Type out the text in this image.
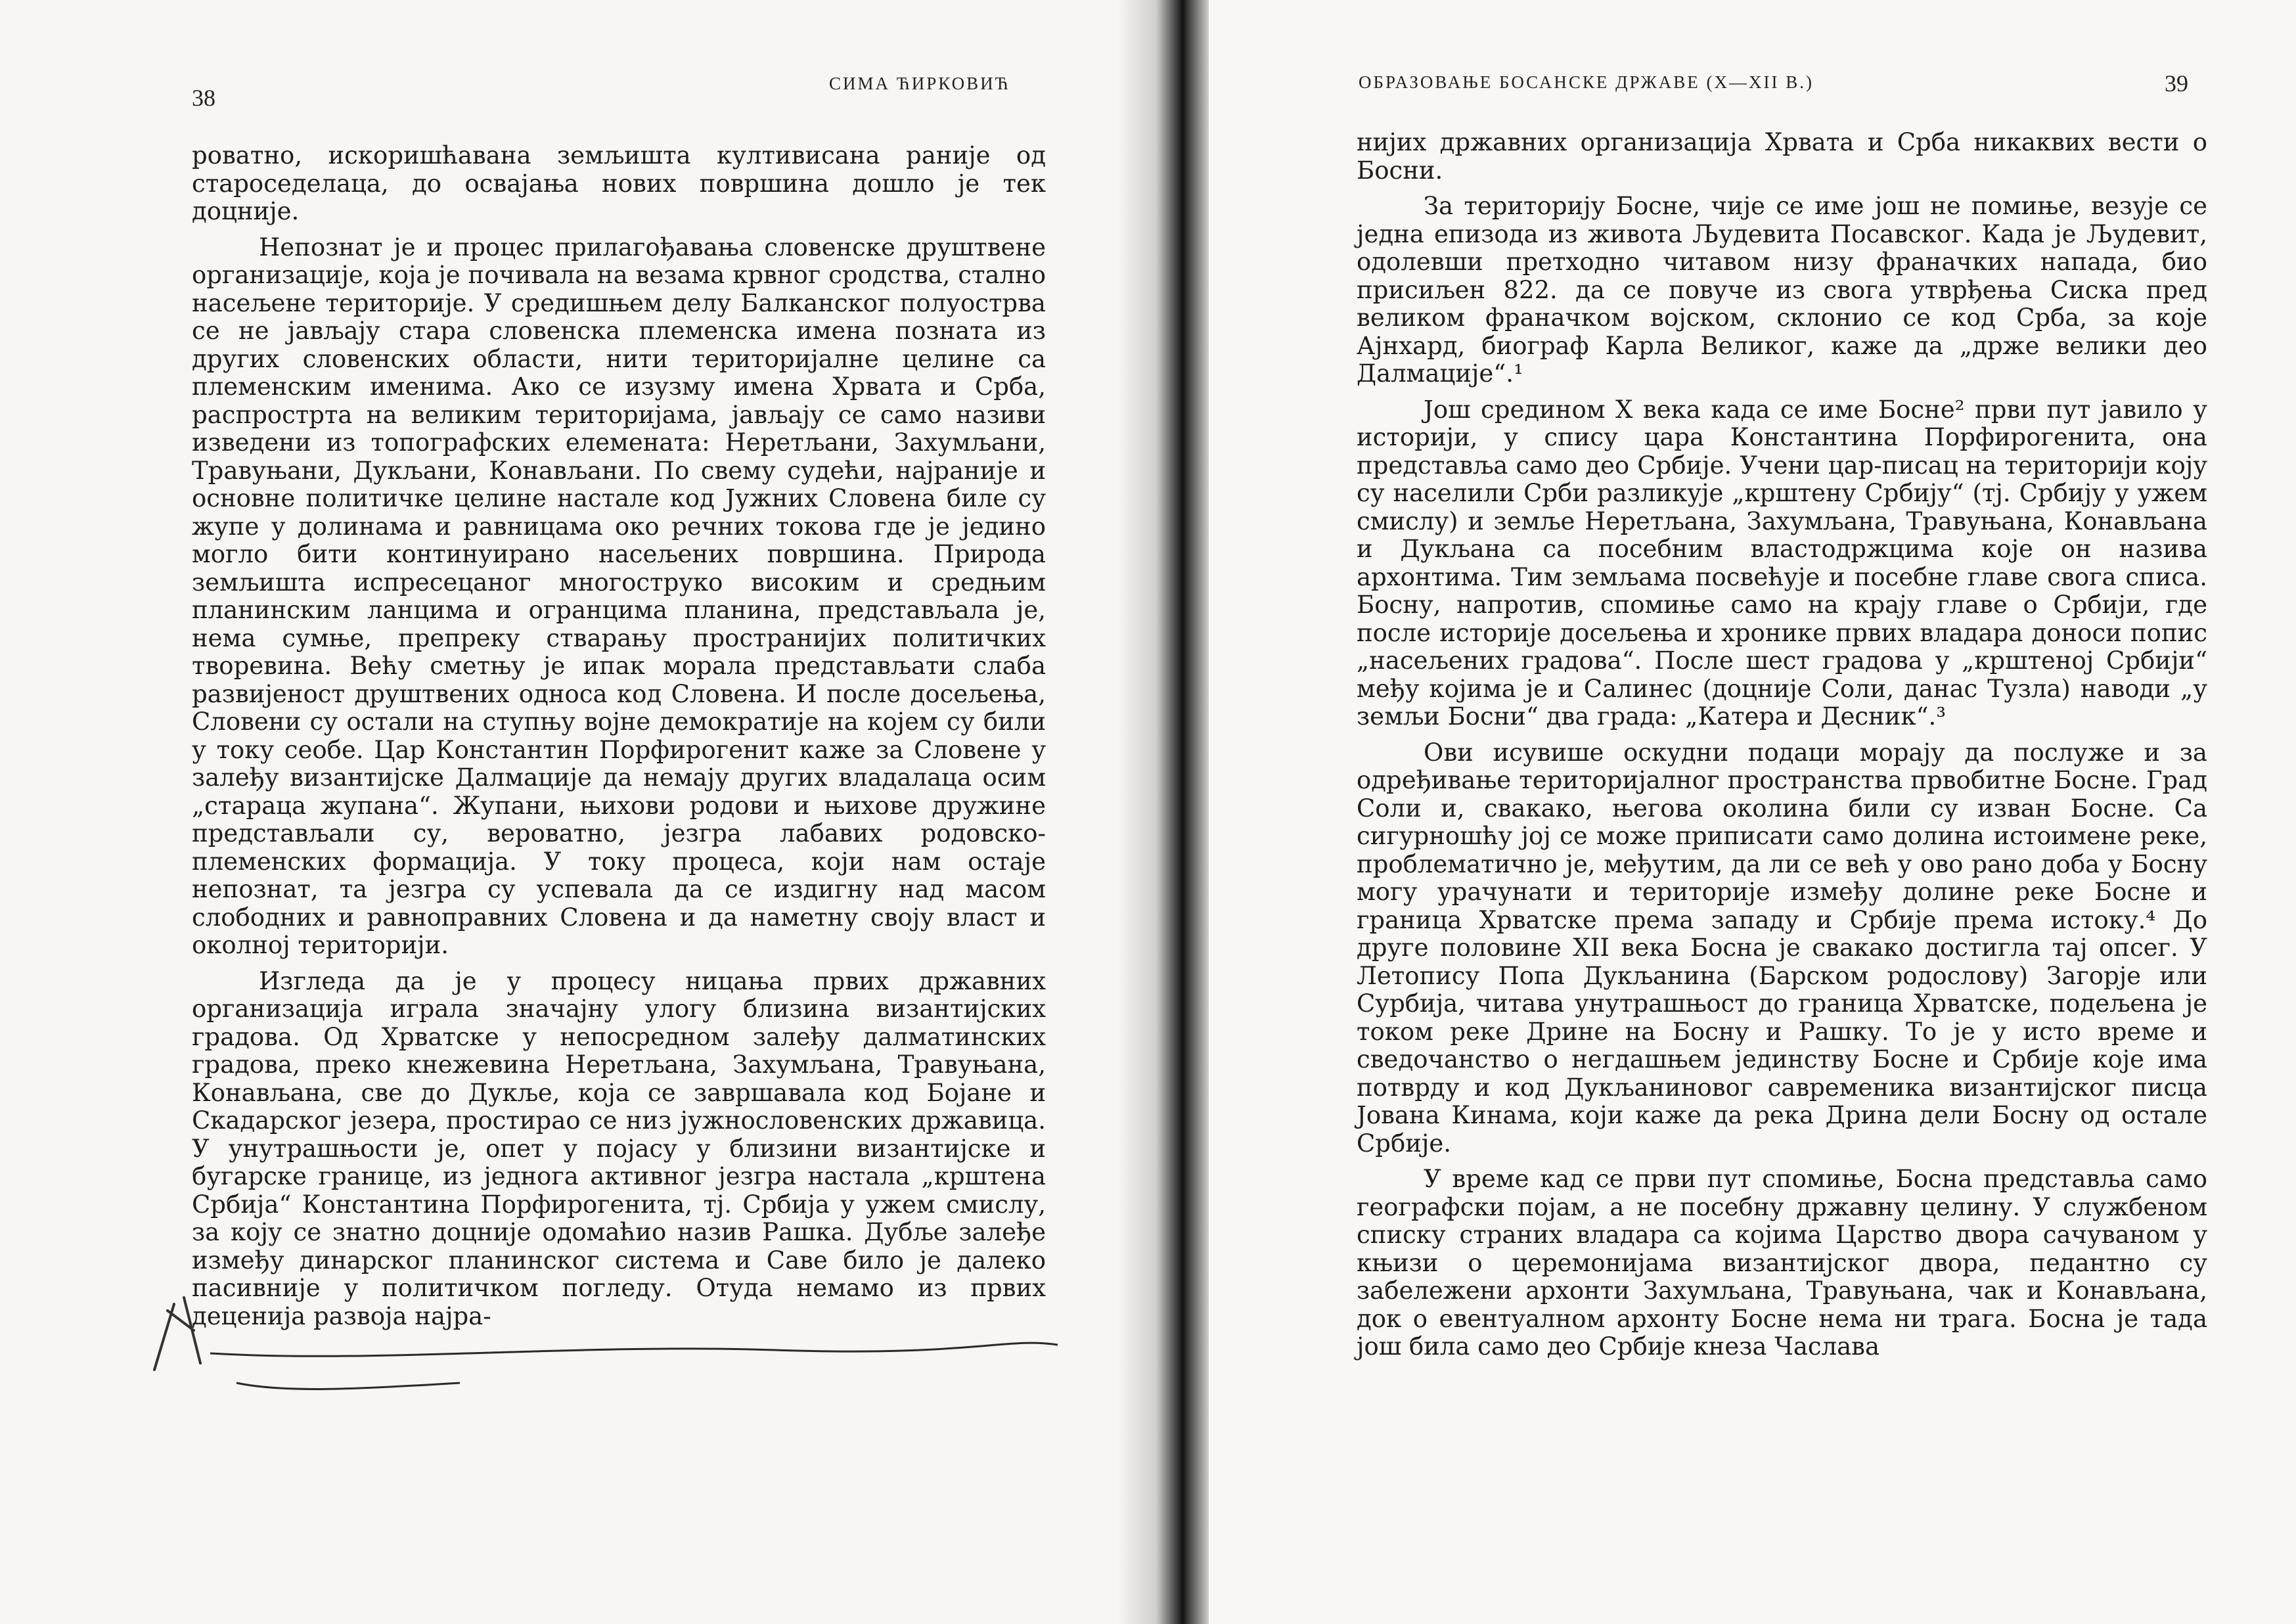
38
СИМА ЋИРКОВИЋ

роватно, искоришћавана земљишта култивисана раније од староседелаца, до освајања нових површина дошло је тек доцније.

Непознат је и процес прилагођавања словенске друштвене организације, која је почивала на везама крвног сродства, стално насељене територије. У средишњем делу Балканског полуострва се не јављају стара словенска племенска имена позната из других словенских области, нити територијалне целине са племенским именима. Ако се изузму имена Хрвата и Срба, распрострта на великим територијама, јављају се само називи изведени из топографских елемената: Неретљани, Захумљани, Травуњани, Дукљани, Конављани. По свему судећи, најраније и основне политичке целине настале код Јужних Словена биле су жупе у долинама и равницама око речних токова где је једино могло бити континуирано насељених површина. Природа земљишта испресецаног многоструко високим и средњим планинским ланцима и огранцима планина, представљала је, нема сумње, препреку стварању пространијих политичких творевина. Већу сметњу је ипак морала представљати слаба развијеност друштвених односа код Словена. И после досељења, Словени су остали на ступњу војне демократије на којем су били у току сеобе. Цар Константин Порфирогенит каже за Словене у залеђу византијске Далмације да немају других владалаца осим „стараца жупана“. Жупани, њихови родови и њихове дружине представљали су, вероватно, језгра лабавих родовско-племенских формација. У току процеса, који нам остаје непознат, та језгра су успевала да се издигну над масом слободних и равноправних Словена и да наметну своју власт и околној територији.

Изгледа да је у процесу ницања првих државних организација играла значајну улогу близина византијских градова. Од Хрватске у непосредном залеђу далматинских градова, преко кнежевина Неретљана, Захумљана, Травуњана, Конављана, све до Дукље, која се завршавала код Бојане и Скадарског језера, простирао се низ јужнословенских државица. У унутрашњости је, опет у појасу у близини византијске и бугарске границе, из једнога активног језгра настала „крштена Србија“ Константина Порфирогенита, тј. Србија у ужем смислу, за коју се знатно доцније одомаћио назив Рашка. Дубље залеђе између динарског планинског система и Саве било је далеко пасивније у политичком погледу. Отуда немамо из првих деценија развоја најра-

ОБРАЗОВАЊЕ БОСАНСКЕ ДРЖАВЕ (X—XII В.)	39

нијих државних организација Хрвата и Срба никаквих вести о Босни.

За територију Босне, чије се име још не помиње, везује се једна епизода из живота Људевита Посавског. Када је Људевит, одолевши претходно читавом низу франачких напада, био присиљен 822. да се повуче из свога утврђења Сиска пред великом франачком војском, склонио се код Срба, за које Ајнхард, биограф Карла Великог, каже да „држе велики део Далмације“.¹

Још средином X века када се име Босне² први пут јавило у историји, у спису цара Константина Порфирогенита, она представља само део Србије. Учени цар-писац на територији коју су населили Срби разликује „крштену Србију“ (тј. Србију у ужем смислу) и земље Неретљана, Захумљана, Травуњана, Конављана и Дукљана са посебним властодржцима које он назива архонтима. Тим земљама посвећује и посебне главе свога списа. Босну, напротив, спомиње само на крају главе о Србији, где после историје досељења и хронике првих владара доноси попис „насељених градова“. После шест градова у „крштеној Србији“ међу којима је и Салинес (доцније Соли, данас Тузла) наводи „у земљи Босни“ два града: „Катера и Десник“.³

Ови исувише оскудни подаци морају да послуже и за одређивање територијалног пространства првобитне Босне. Град Соли и, свакако, његова околина били су изван Босне. Са сигурношћу јој се може приписати само долина истоимене реке, проблематично је, међутим, да ли се већ у ово рано доба у Босну могу урачунати и територије између долине реке Босне и граница Хрватске према западу и Србије према истоку.⁴ До друге половине XII века Босна је свакако достигла тај опсег. У Летопису Попа Дукљанина (Барском родослову) Загорје или Сурбија, читава унутрашњост до граница Хрватске, подељена је током реке Дрине на Босну и Рашку. То је у исто време и сведочанство о негдашњем јединству Босне и Србије које има потврду и код Дукљаниновог савременика византијског писца Јована Кинама, који каже да река Дрина дели Босну од остале Србије.

У време кад се први пут спомиње, Босна представља само географски појам, а не посебну државну целину. У службеном списку страних владара са којима Царство двора сачуваном у књизи о церемонијама византијског двора, педантно су забележени архонти Захумљана, Травуњана, чак и Конављана, док о евентуалном архонту Босне нема ни трага. Босна је тада још била само део Србије кнеза Часлава
